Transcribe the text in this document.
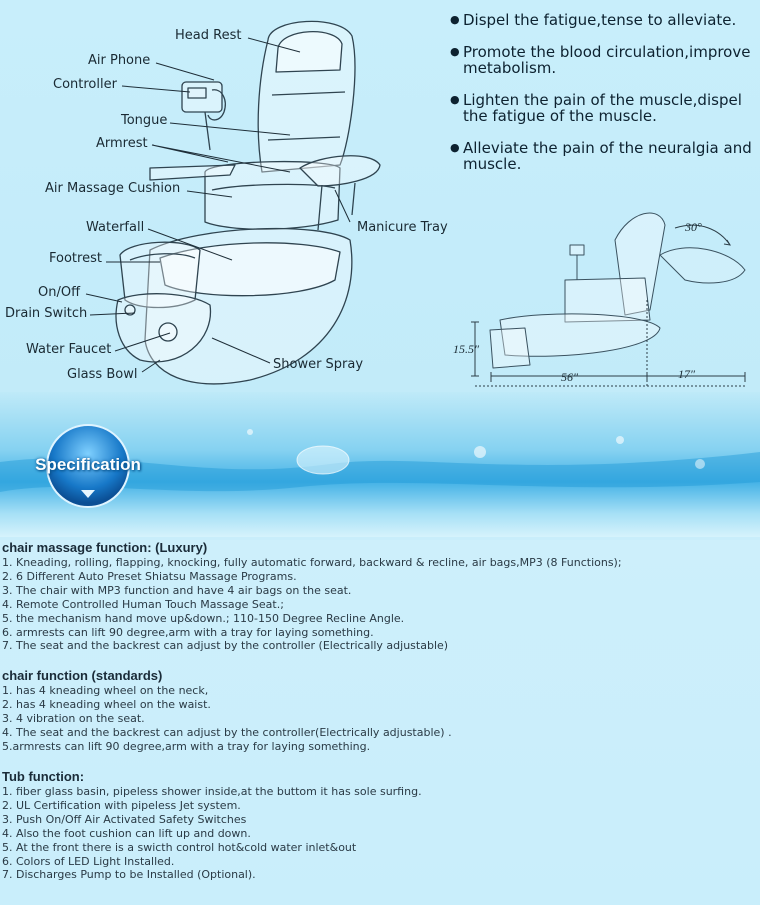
Head Rest
Air Phone
Controller
Tongue
Armrest
Air Massage Cushion
Waterfall
Footrest
On/Off
Drain Switch
Water Faucet
Glass Bowl
Manicure Tray
Shower Spray
● Dispel the fatigue,tense to alleviate.
● Promote the blood circulation,improve metabolism.
● Lighten the pain of the muscle,dispel the fatigue of the muscle.
● Alleviate the pain of the neuralgia and muscle.
30°
15.5″
56″	17″
Specification
chair massage function: (Luxury)
1. Kneading, rolling, flapping, knocking, fully automatic forward, backward & recline, air bags,MP3 (8 Functions);
2. 6 Different Auto Preset Shiatsu Massage Programs.
3. The chair with MP3 function and have 4 air bags on the seat.
4. Remote Controlled Human Touch Massage Seat.;
5. the mechanism hand move up&down.; 110-150 Degree Recline Angle.
6. armrests can lift 90 degree,arm with a tray for laying something.
7. The seat and the backrest can adjust by the controller (Electrically adjustable)
chair function (standards)
1. has 4 kneading wheel on the neck,
2. has 4 kneading wheel on the waist.
3. 4 vibration on the seat.
4. The seat and the backrest can adjust by the controller(Electrically adjustable) .
5.armrests can lift 90 degree,arm with a tray for laying something.
Tub function:
1. fiber glass basin, pipeless shower inside,at the buttom it has sole surfing.
2. UL Certification with pipeless Jet system.
3. Push On/Off Air Activated Safety Switches
4. Also the foot cushion can lift up and down.
5. At the front there is a swicth control hot&cold water inlet&out
6. Colors of LED Light Installed.
7. Discharges Pump to be Installed (Optional).
